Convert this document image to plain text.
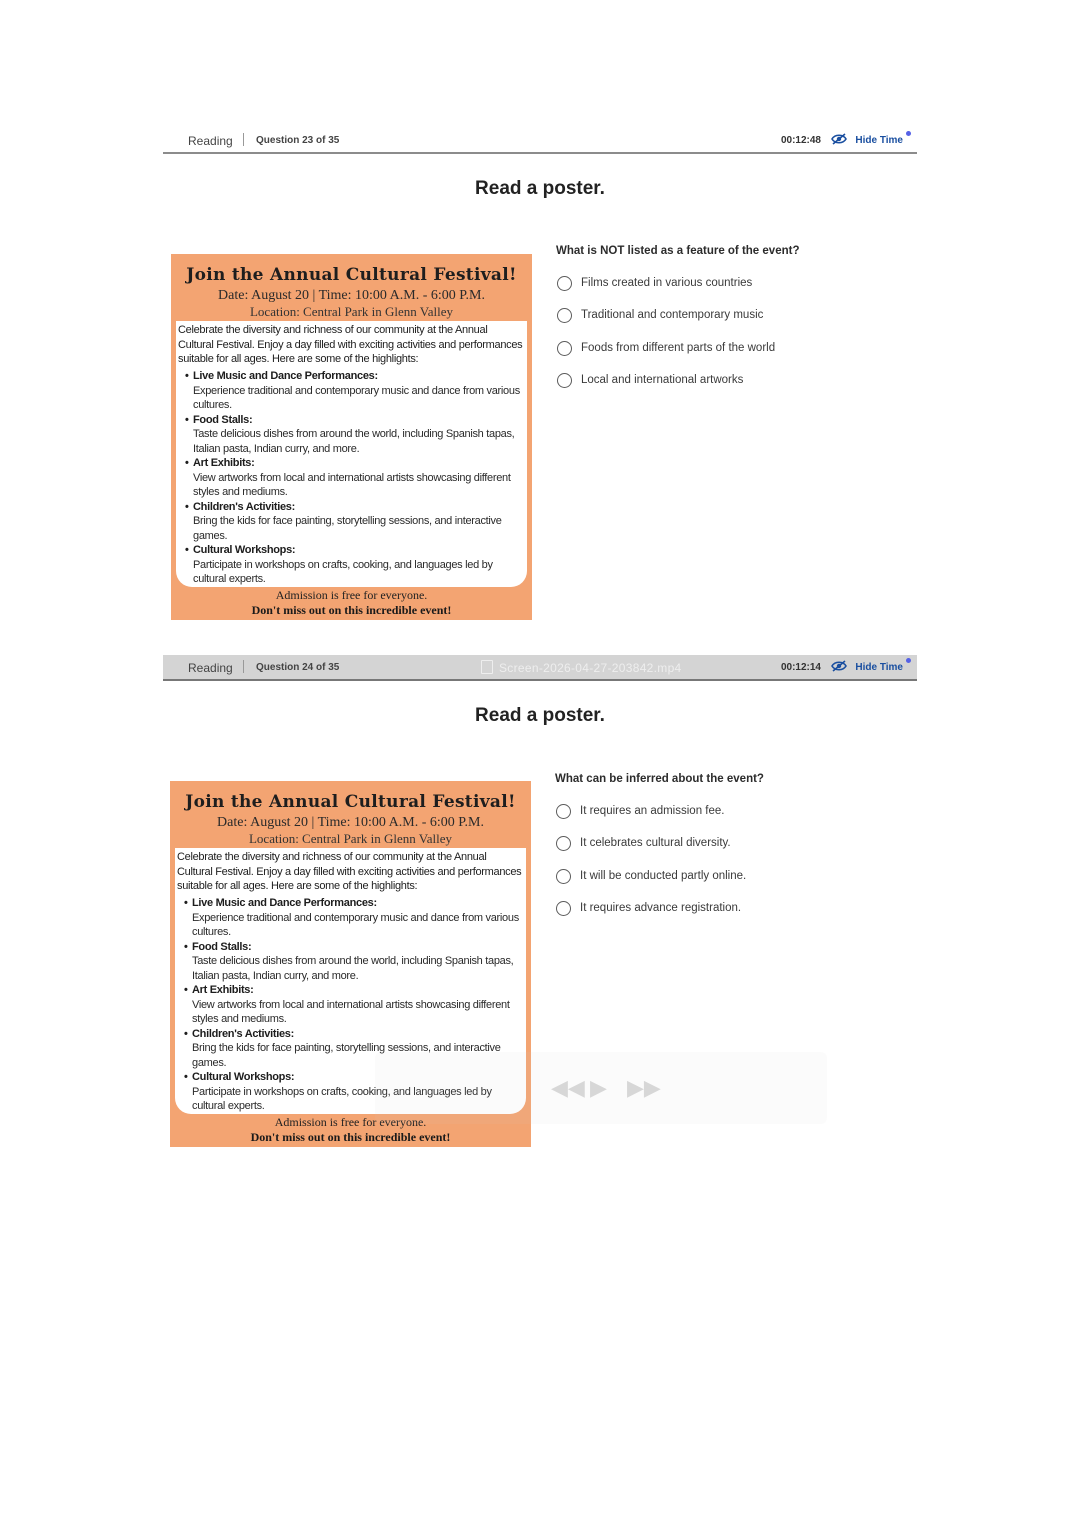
Reading Question 23 of 35	00:12:48	Hide Time
Read a poster.
Join the Annual Cultural Festival!
Date: August 20 | Time: 10:00 A.M. - 6:00 P.M.
Location: Central Park in Glenn Valley
Celebrate the diversity and richness of our community at the Annual Cultural Festival. Enjoy a day filled with exciting activities and performances suitable for all ages. Here are some of the highlights:

• Live Music and Dance Performances:
Experience traditional and contemporary music and dance from various cultures.

• Food Stalls:
Taste delicious dishes from around the world, including Spanish tapas, Italian pasta, Indian curry, and more.

• Art Exhibits:
View artworks from local and international artists showcasing different styles and mediums.

• Children's Activities:
Bring the kids for face painting, storytelling sessions, and interactive games.

• Cultural Workshops:
Participate in workshops on crafts, cooking, and languages led by cultural experts.

Admission is free for everyone.
Don't miss out on this incredible event!
What is NOT listed as a feature of the event?
Films created in various countries
Traditional and contemporary music
Foods from different parts of the world
Local and international artworks
Reading Question 24 of 35	Screen-2026-04-27-203842.mp4	00:12:14	Hide Time
Read a poster.
Join the Annual Cultural Festival!
Date: August 20 | Time: 10:00 A.M. - 6:00 P.M.
Location: Central Park in Glenn Valley
Celebrate the diversity and richness of our community at the Annual Cultural Festival. Enjoy a day filled with exciting activities and performances suitable for all ages. Here are some of the highlights:

• Live Music and Dance Performances:
Experience traditional and contemporary music and dance from various cultures.

• Food Stalls:
Taste delicious dishes from around the world, including Spanish tapas, Italian pasta, Indian curry, and more.

• Art Exhibits:
View artworks from local and international artists showcasing different styles and mediums.

• Children's Activities:
Bring the kids for face painting, storytelling sessions, and interactive games.

• Cultural Workshops:
Participate in workshops on crafts, cooking, and languages led by cultural experts.

Admission is free for everyone.
Don't miss out on this incredible event!
What can be inferred about the event?
It requires an admission fee.
It celebrates cultural diversity.
It will be conducted partly online.
It requires advance registration.
◀◀ ▶ ▶▶
